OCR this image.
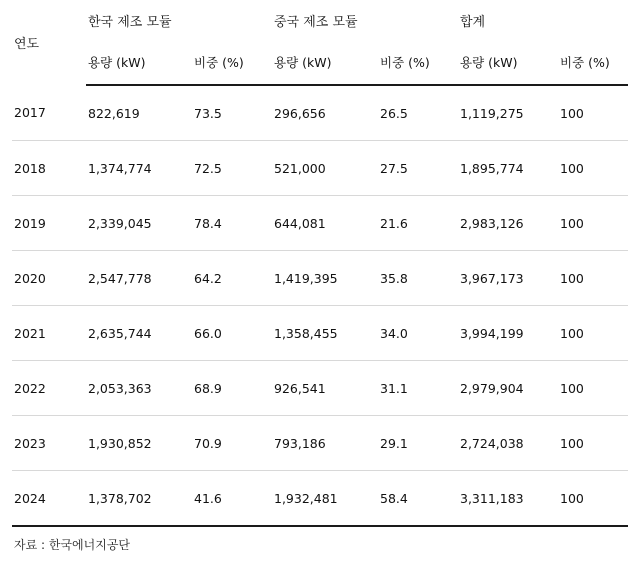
연도	한국 제조 모듈		중국 제조 모듈		합계	
	용량 (kW)	비중 (%)	용량 (kW)	비중 (%)	용량 (kW)	비중 (%)
2017	822,619	73.5	296,656	26.5	1,119,275	100
2018	1,374,774	72.5	521,000	27.5	1,895,774	100
2019	2,339,045	78.4	644,081	21.6	2,983,126	100
2020	2,547,778	64.2	1,419,395	35.8	3,967,173	100
2021	2,635,744	66.0	1,358,455	34.0	3,994,199	100
2022	2,053,363	68.9	926,541	31.1	2,979,904	100
2023	1,930,852	70.9	793,186	29.1	2,724,038	100
2024	1,378,702	41.6	1,932,481	58.4	3,311,183	100
자료 : 한국에너지공단
